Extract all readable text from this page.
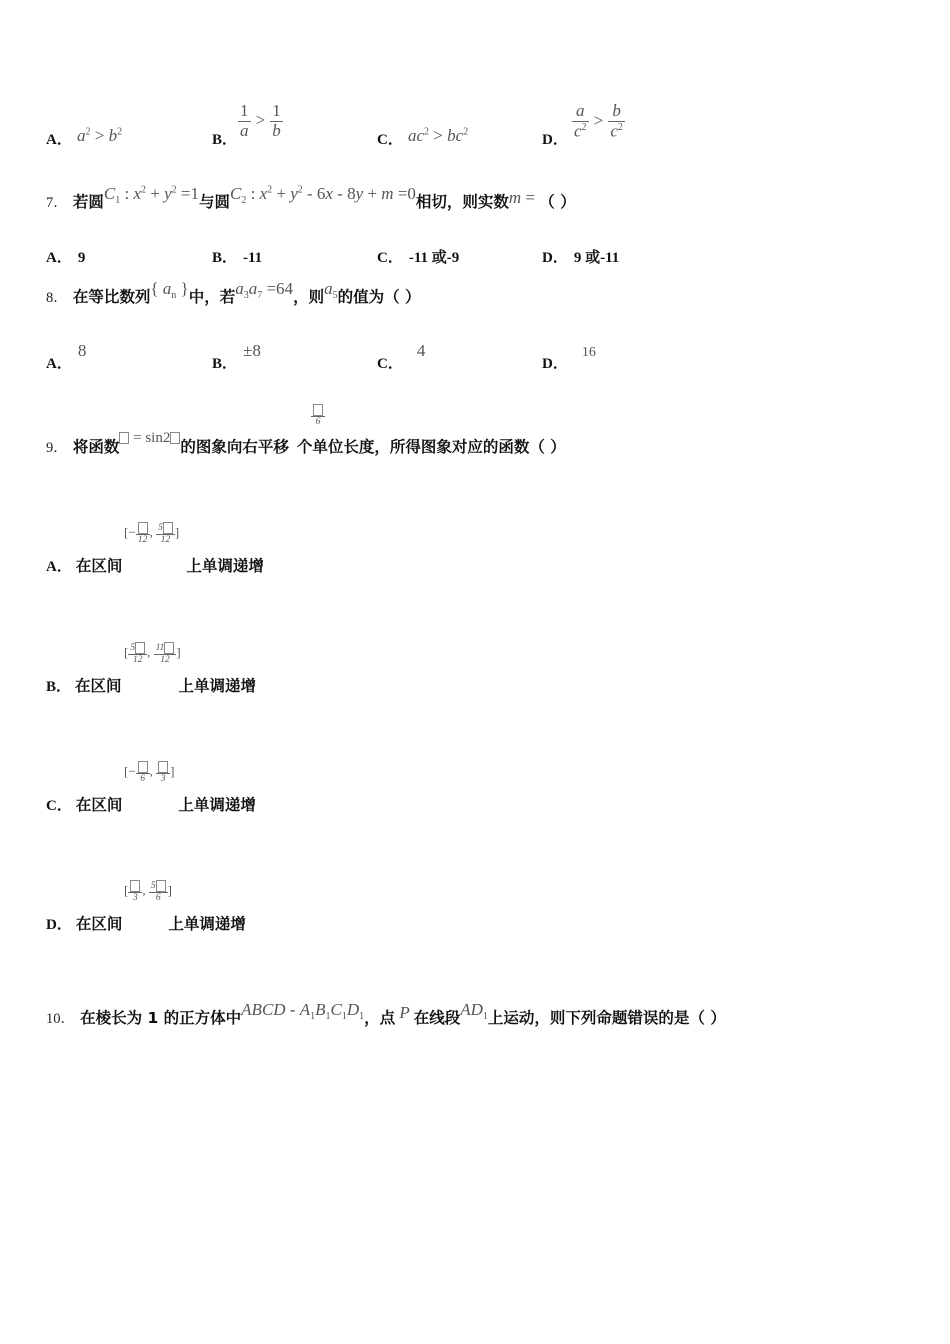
A． $a^2 > b^2$	B． $\frac{1}{a} > \frac{1}{b}$	C． $ac^2 > bc^2$	D． $\frac{a}{c^2} > \frac{b}{c^2}$
7． 若圆$C_1$ : $x^2 + y^2 =1$与圆$C_2$ : $x^2 + y^2 - 6x - 8y + m =0$相切，则实数m = （ ）
A． 9	B． -11	C． -11 或-9	D． 9 或-11
8． 在等比数列{ $a_n$ }中，若$a_3a_7 =64$，则$a_5$的值为（ ）
A．8
B．±8
C．4
D．16
6
9． 将函数 = sin2 的图象向右平移 个单位长度，所得图象对应的函数（ ）
[−
12
, $\frac{5}{12}$ ]
A． 在区间	上单调递增
[ $\frac{5}{12}$ , $\frac{11}{12}$ ]
B． 在区间	上单调递增
[−
6
,
3
]
C． 在区间	上单调递增
[
3
, $\frac{5}{6}$ ]
D． 在区间	上单调递增
10． 在棱长为 1 的正方体中ABCD - $A_1B_1C_1D_1$，点 P 在线段$AD_1$上运动，则下列命题错误的是（ ）
